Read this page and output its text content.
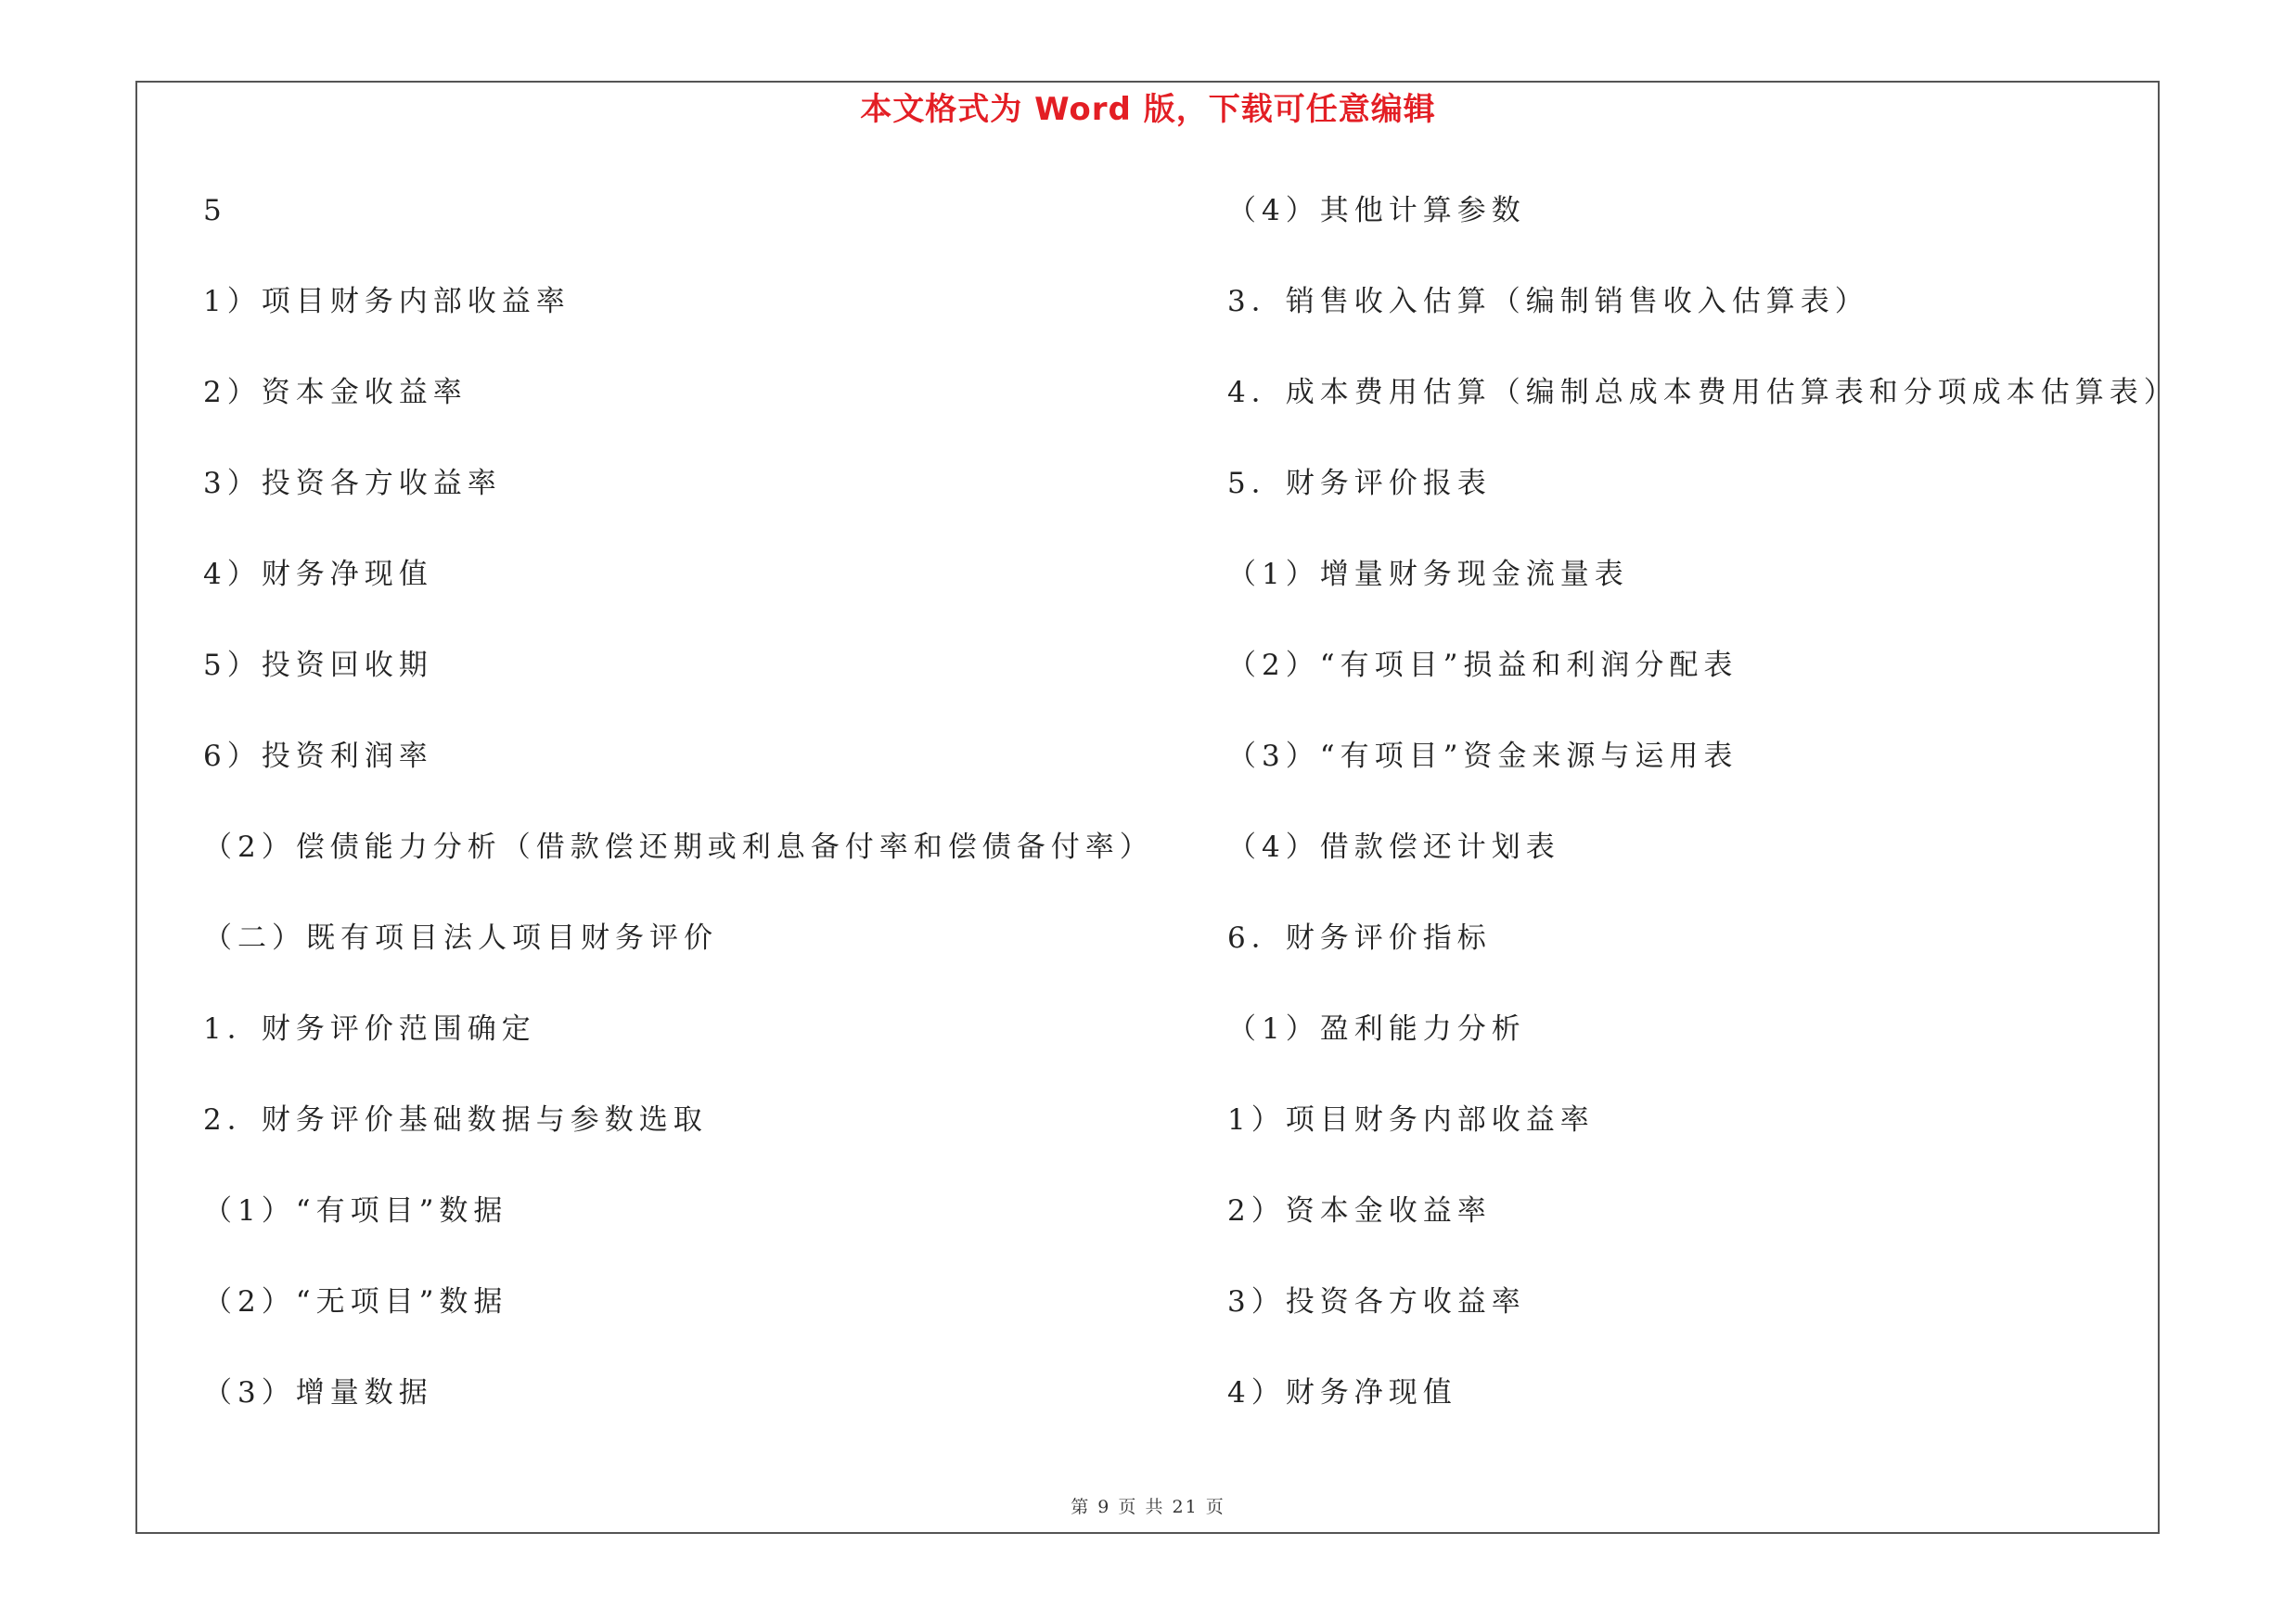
本文格式为 Word 版，下载可任意编辑
5
1）项目财务内部收益率
2）资本金收益率
3）投资各方收益率
4）财务净现值
5）投资回收期
6）投资利润率
（2）偿债能力分析（借款偿还期或利息备付率和偿债备付率）
（二）既有项目法人项目财务评价
1．财务评价范围确定
2．财务评价基础数据与参数选取
（1）“有项目”数据
（2）“无项目”数据
（3）增量数据
（4）其他计算参数
3．销售收入估算（编制销售收入估算表）
4．成本费用估算（编制总成本费用估算表和分项成本估算表）
5．财务评价报表
（1）增量财务现金流量表
（2）“有项目”损益和利润分配表
（3）“有项目”资金来源与运用表
（4）借款偿还计划表
6．财务评价指标
（1）盈利能力分析
1）项目财务内部收益率
2）资本金收益率
3）投资各方收益率
4）财务净现值
第 9 页 共 21 页
